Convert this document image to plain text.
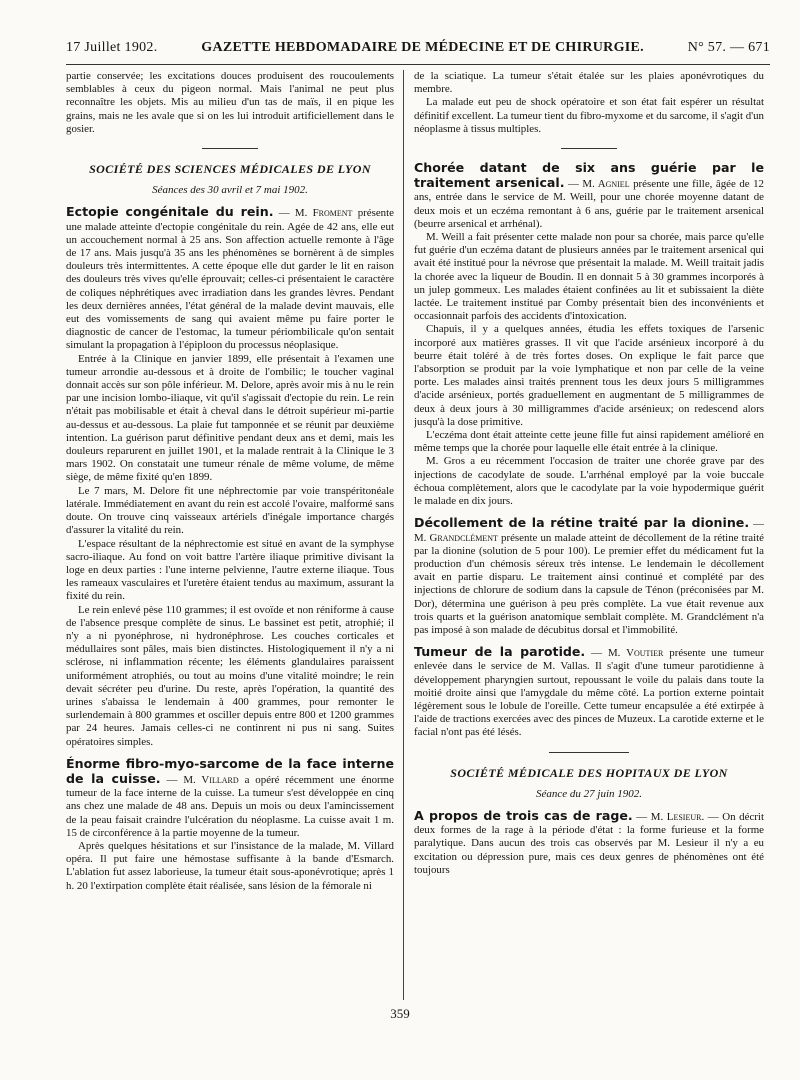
17 Juillet 1902.	GAZETTE HEBDOMADAIRE DE MÉDECINE ET DE CHIRURGIE.	N° 57. — 671

partie conservée; les excitations douces produisent des roucoulements semblables à ceux du pigeon normal. Mais l'animal ne peut plus reconnaître les objets. Mis au milieu d'un tas de maïs, il en pique les grains, mais ne les avale que si on les lui introduit artificiellement dans le gosier.

SOCIÉTÉ DES SCIENCES MÉDICALES DE LYON
Séances des 30 avril et 7 mai 1902.

Ectopie congénitale du rein. — M. Froment présente une malade atteinte d'ectopie congénitale du rein. Agée de 42 ans, elle eut un accouchement normal à 25 ans. Son affection actuelle remonte à l'âge de 17 ans. Mais jusqu'à 35 ans les phénomènes se bornèrent à de simples douleurs très intermittentes. A cette époque elle dut garder le lit en raison des douleurs très vives qu'elle éprouvait; celles-ci présentaient le caractère de coliques néphrétiques avec irradiation dans les grandes lèvres. Pendant les deux dernières années, l'état général de la malade devint mauvais, elle eut des vomissements de sang qui avaient même pu faire porter le diagnostic de cancer de l'estomac, la tumeur périombilicale qu'on sentait simulant la propagation à l'épiploon du processus néoplasique.

Entrée à la Clinique en janvier 1899, elle présentait à l'examen une tumeur arrondie au-dessous et à droite de l'ombilic; le toucher vaginal donnait accès sur son pôle inférieur. M. Delore, après avoir mis à nu le rein par une incision lombo-iliaque, vit qu'il s'agissait d'ectopie du rein. Le rein n'était pas mobilisable et était à cheval dans le détroit supérieur mi-partie au-dessus et au-dessous. La plaie fut tamponnée et se réunit par deuxième intention. La guérison parut définitive pendant deux ans et demi, mais les douleurs reparurent en juillet 1901, et la malade rentrait à la Clinique le 3 mars 1902. On constatait une tumeur rénale de même volume, de même siège, de même fixité qu'en 1899.

Le 7 mars, M. Delore fit une néphrectomie par voie transpéritonéale latérale. Immédiatement en avant du rein est accolé l'ovaire, malformé sans doute. On trouve cinq vaisseaux artériels d'inégale importance chargés d'assurer la vitalité du rein.

L'espace résultant de la néphrectomie est situé en avant de la symphyse sacro-iliaque. Au fond on voit battre l'artère iliaque primitive divisant la loge en deux parties : l'une interne pelvienne, l'autre externe iliaque. Tous les rameaux vasculaires et l'uretère étaient tendus au maximum, assurant la fixité du rein.

Le rein enlevé pèse 110 grammes; il est ovoïde et non réniforme à cause de l'absence presque complète de sinus. Le bassinet est petit, atrophié; il n'y a ni pyonéphrose, ni hydronéphrose. Les couches corticales et médullaires sont pâles, mais bien distinctes. Histologiquement il n'y a ni sclérose, ni inflammation récente; les éléments glandulaires paraissent uniformément atrophiés, ou tout au moins d'une vitalité moindre; le rein devait sécréter peu d'urine. Du reste, après l'opération, la quantité des urines s'abaissa le lendemain à 400 grammes, pour remonter le surlendemain à 800 grammes et osciller depuis entre 800 et 1200 grammes par 24 heures. Jamais celles-ci ne continrent ni pus ni sang. Suites opératoires simples.

Énorme fibro-myo-sarcome de la face interne de la cuisse. — M. Villard a opéré récemment une énorme tumeur de la face interne de la cuisse. La tumeur s'est développée en cinq ans chez une malade de 48 ans. Depuis un mois ou deux l'amincissement de la peau faisait craindre l'ulcération du néoplasme. La cuisse avait 1 m. 15 de circonférence à la partie moyenne de la tumeur.

Après quelques hésitations et sur l'insistance de la malade, M. Villard opéra. Il put faire une hémostase suffisante à la bande d'Esmarch. L'ablation fut assez laborieuse, la tumeur était sous-aponévrotique; après 1 h. 20 l'extirpation complète était réalisée, sans lésion de la fémorale ni

de la sciatique. La tumeur s'était étalée sur les plaies aponévrotiques du membre.

La malade eut peu de shock opératoire et son état fait espérer un résultat définitif excellent. La tumeur tient du fibro-myxome et du sarcome, il s'agit d'un néoplasme à tissus multiples.

Chorée datant de six ans guérie par le traitement arsenical. — M. Agniel présente une fille, âgée de 12 ans, entrée dans le service de M. Weill, pour une chorée moyenne datant de deux mois et un eczéma remontant à 6 ans, guérie par le traitement arsenical (beurre arsenical et arrhénal).

M. Weill a fait présenter cette malade non pour sa chorée, mais parce qu'elle fut guérie d'un eczéma datant de plusieurs années par le traitement arsenical qui avait été institué pour la névrose que présentait la malade. M. Weill traitait jadis la chorée avec la liqueur de Boudin. Il en donnait 5 à 30 grammes incorporés à un julep gommeux. Les malades étaient confinées au lit et subissaient la diète lactée. Le traitement institué par Comby présentait bien des inconvénients et occasionnait parfois des accidents d'intoxication.

Chapuis, il y a quelques années, étudia les effets toxiques de l'arsenic incorporé aux matières grasses. Il vit que l'acide arsénieux incorporé à du beurre était toléré à de très fortes doses. On explique le fait parce que l'absorption se produit par la voie lymphatique et non par celle de la veine porte. Les malades ainsi traités prennent tous les deux jours 5 milligrammes d'acide arsénieux, portés graduellement en augmentant de 5 milligrammes de deux à deux jours à 30 milligrammes d'acide arsénieux; on redescend alors jusqu'à la dose primitive.

L'eczéma dont était atteinte cette jeune fille fut ainsi rapidement amélioré en même temps que la chorée pour laquelle elle était entrée à la clinique.

M. Gros a eu récemment l'occasion de traiter une chorée grave par des injections de cacodylate de soude. L'arrhénal employé par la voie buccale échoua complètement, alors que le cacodylate par la voie hypodermique guérit le malade en dix jours.

Décollement de la rétine traité par la dionine. — M. Grandclément présente un malade atteint de décollement de la rétine traité par la dionine (solution de 5 pour 100). Le premier effet du médicament fut la production d'un chémosis séreux très intense. Le lendemain le décollement avait en partie disparu. Le traitement ainsi continué et complété par des injections de chlorure de sodium dans la capsule de Ténon (préconisées par M. Dor), détermina une guérison à peu près complète. La vue était revenue aux trois quarts et la guérison anatomique semblait complète. M. Grandclément n'a pas imposé à son malade de décubitus dorsal et l'immobilité.

Tumeur de la parotide. — M. Voutier présente une tumeur enlevée dans le service de M. Vallas. Il s'agit d'une tumeur parotidienne à développement pharyngien surtout, repoussant le voile du palais dans toute la moitié droite ainsi que l'amygdale du même côté. La portion externe pointait légèrement sous le lobule de l'oreille. Cette tumeur encapsulée a été extirpée à l'aide de tractions exercées avec des pinces de Muzeux. La carotide externe et le facial n'ont pas été lésés.

SOCIÉTÉ MÉDICALE DES HOPITAUX DE LYON
Séance du 27 juin 1902.

A propos de trois cas de rage. — M. Lesieur. — On décrit deux formes de la rage à la période d'état : la forme furieuse et la forme paralytique. Dans aucun des trois cas observés par M. Lesieur il n'y a eu excitation ou dépression pure, mais ces deux genres de phénomènes ont été toujours

359
